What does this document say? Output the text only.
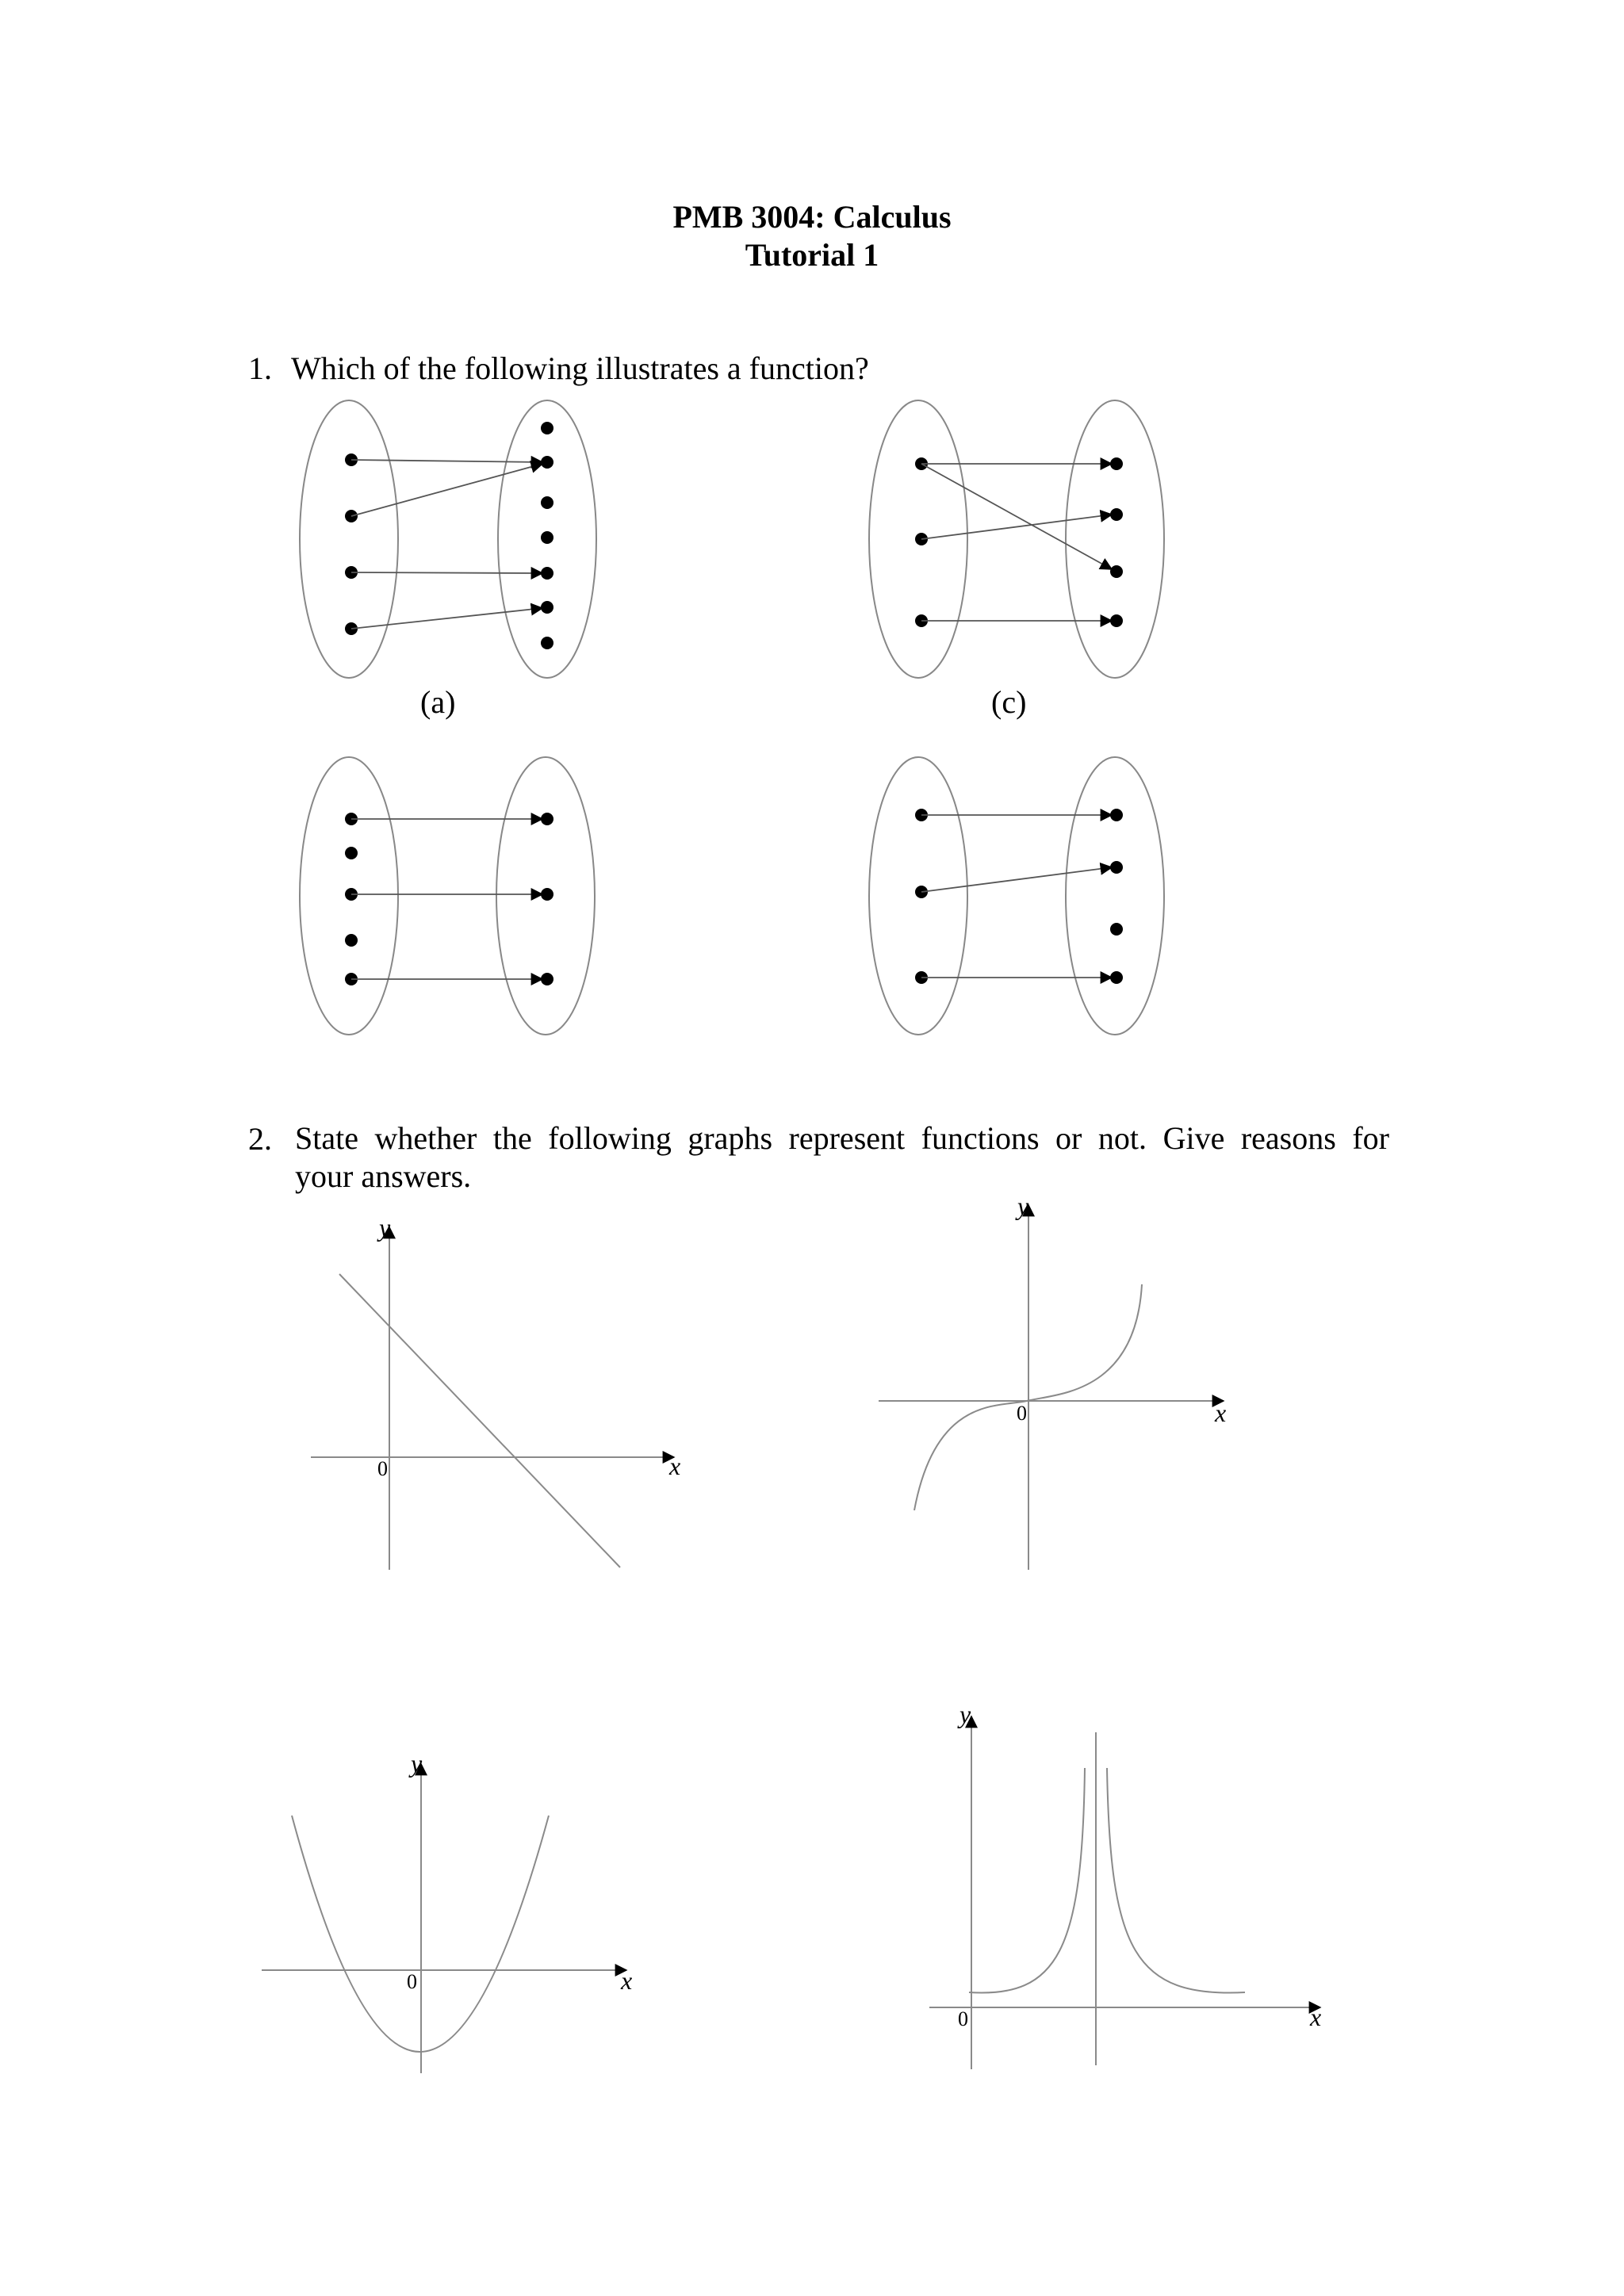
PMB 3004: Calculus
Tutorial 1
1. Which of the following illustrates a function?
(a)	(c)
2. State whether the following graphs represent functions or not. Give reasons for
your answers.
y
x
0
y
x
0
y
x
0
y
x
0
